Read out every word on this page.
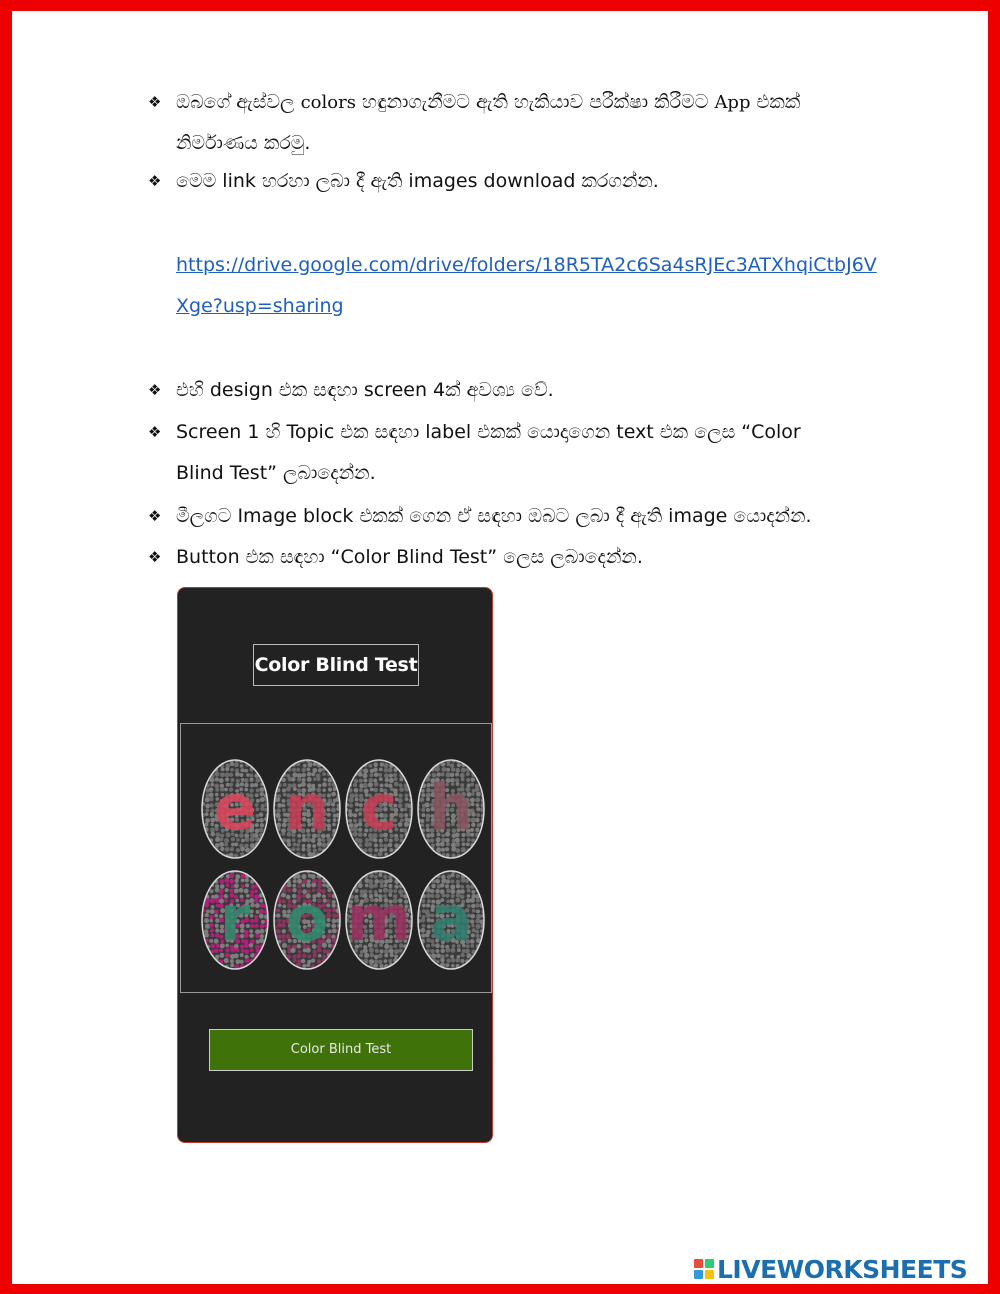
❖ ඔබගේ ඇස්වල colors හඳුනාගැනීමට ඇති හැකියාව පරීක්ෂා කිරීමට App එකක්
නිර්මාණය කරමු.
❖ මෙම link හරහා ලබා දී ඇති images download කරගන්න.
https://drive.google.com/drive/folders/18R5TA2c6Sa4sRJEc3ATXhqiCtbJ6V
Xge?usp=sharing
❖ එහි design එක සඳහා screen 4ක් අවශ්‍ය වේ.
❖ Screen 1 හි Topic එක සඳහා label එකක් යොදාගෙන text එක ලෙස “Color
Blind Test” ලබාදෙන්න.
❖ මීලගට Image block එකක් ගෙන ඒ සඳහා ඔබට ලබා දී ඇති image යොදන්න.
❖ Button එක සඳහා “Color Blind Test” ලෙස ලබාදෙන්න.
Color Blind Test
e n c h
r o m a
Color Blind Test
LIVEWORKSHEETS
